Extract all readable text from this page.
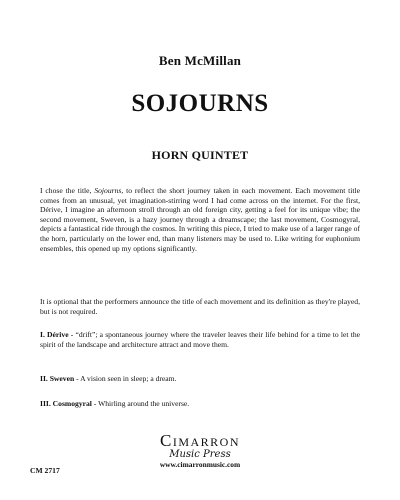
Ben McMillan
SOJOURNS
HORN QUINTET

I chose the title, Sojourns, to reflect the short journey taken in each movement. Each movement title comes from an unusual, yet imagination-stirring word I had come across on the internet. For the first, Dérive, I imagine an afternoon stroll through an old foreign city, getting a feel for its unique vibe; the second movement, Sweven, is a hazy journey through a dreamscape; the last movement, Cosmogyral, depicts a fantastical ride through the cosmos. In writing this piece, I tried to make use of a larger range of the horn, particularly on the lower end, than many listeners may be used to. Like writing for euphonium ensembles, this opened up my options significantly.

It is optional that the performers announce the title of each movement and its definition as they're played, but is not required.

I. Dérive - “drift”; a spontaneous journey where the traveler leaves their life behind for a time to let the spirit of the landscape and architecture attract and move them.

II. Sweven - A vision seen in sleep; a dream.

III. Cosmogyral - Whirling around the universe.

Cimarron
Music Press
www.cimarronmusic.com
CM 2717
